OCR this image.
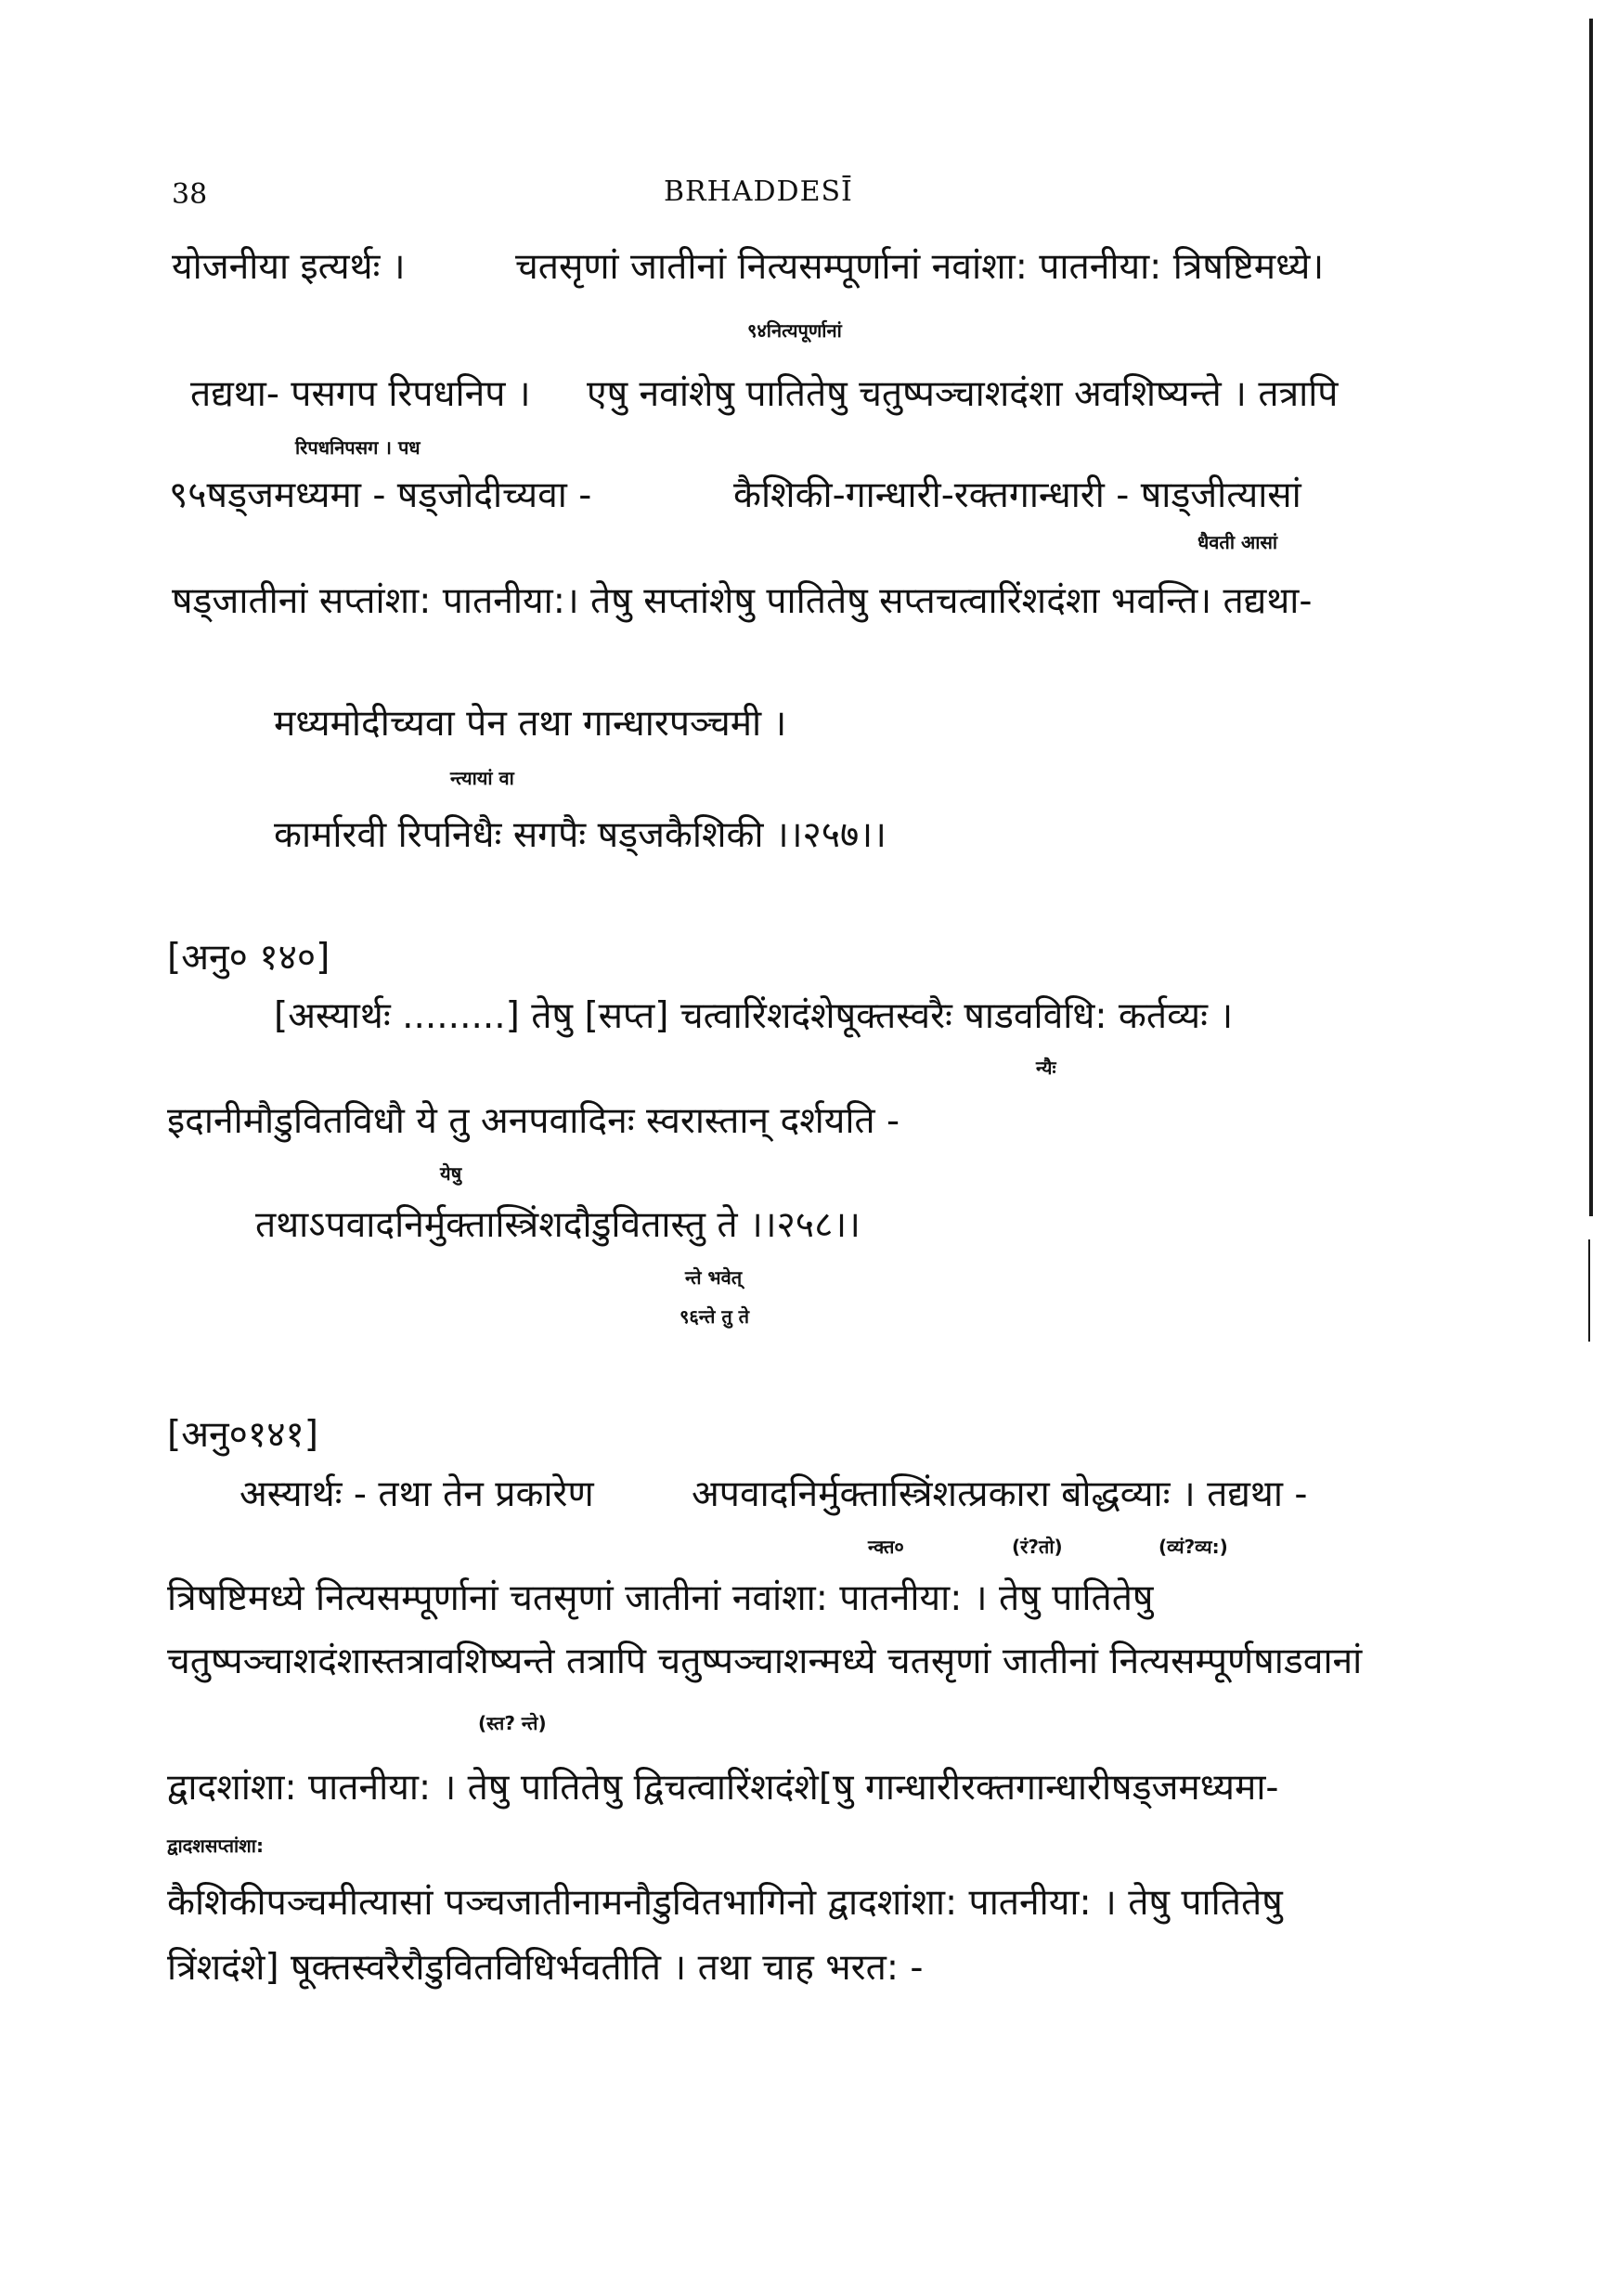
38	BRHADDESĪ
योजनीया इत्यर्थः ।	चतसृणां जातीनां नित्यसम्पूर्णानां नवांशा: पातनीया: त्रिषष्टिमध्ये।
९४नित्यपूर्णानां
तद्यथा- पसगप रिपधनिप । एषु नवांशेषु पातितेषु चतुष्पञ्चाशदंशा अवशिष्यन्ते । तत्रापि
रिपधनिपसग । पध
९५षड्जमध्यमा - षड्जोदीच्यवा -	कैशिकी-गान्धारी-रक्तगान्धारी - षाड्जीत्यासां
धैवती आसां
षड्जातीनां सप्तांशा: पातनीया:। तेषु सप्तांशेषु पातितेषु सप्तचत्वारिंशदंशा भवन्ति। तद्यथा-
मध्यमोदीच्यवा पेन तथा गान्धारपञ्चमी ।
न्त्यायां वा
कार्मारवी रिपनिधैः सगपैः षड्जकैशिकी ।।२५७।।
[अनु० १४०]
[अस्यार्थः .........] तेषु [सप्त] चत्वारिंशदंशेषूक्तस्वरैः षाडवविधि: कर्तव्यः ।
न्यैः
इदानीमौडुवितविधौ ये तु अनपवादिनः स्वरास्तान् दर्शयति -
येषु
तथाऽपवादनिर्मुक्तास्त्रिंशदौडुवितास्तु ते ।।२५८।।
न्ते भवेत्
९६न्ते तु ते
[अनु०१४१]
अस्यार्थः - तथा तेन प्रकारेण	अपवादनिर्मुक्तास्त्रिंशत्प्रकारा बोद्धव्याः । तद्यथा -
न्क्त०	(रं?तो)	(व्यं?व्य:)
त्रिषष्टिमध्ये नित्यसम्पूर्णानां चतसृणां जातीनां नवांशा: पातनीया: । तेषु पातितेषु
चतुष्पञ्चाशदंशास्तत्रावशिष्यन्ते तत्रापि चतुष्पञ्चाशन्मध्ये चतसृणां जातीनां नित्यसम्पूर्णषाडवानां
(स्त? न्ते)
द्वादशांशा: पातनीया: । तेषु पातितेषु द्विचत्वारिंशदंशे[षु गान्धारीरक्तगान्धारीषड्जमध्यमा-
द्वादशसप्तांशा:
कैशिकीपञ्चमीत्यासां पञ्चजातीनामनौडुवितभागिनो द्वादशांशा: पातनीया: । तेषु पातितेषु
त्रिंशदंशे] षूक्तस्वरैरौडुवितविधिर्भवतीति । तथा चाह भरत: -
